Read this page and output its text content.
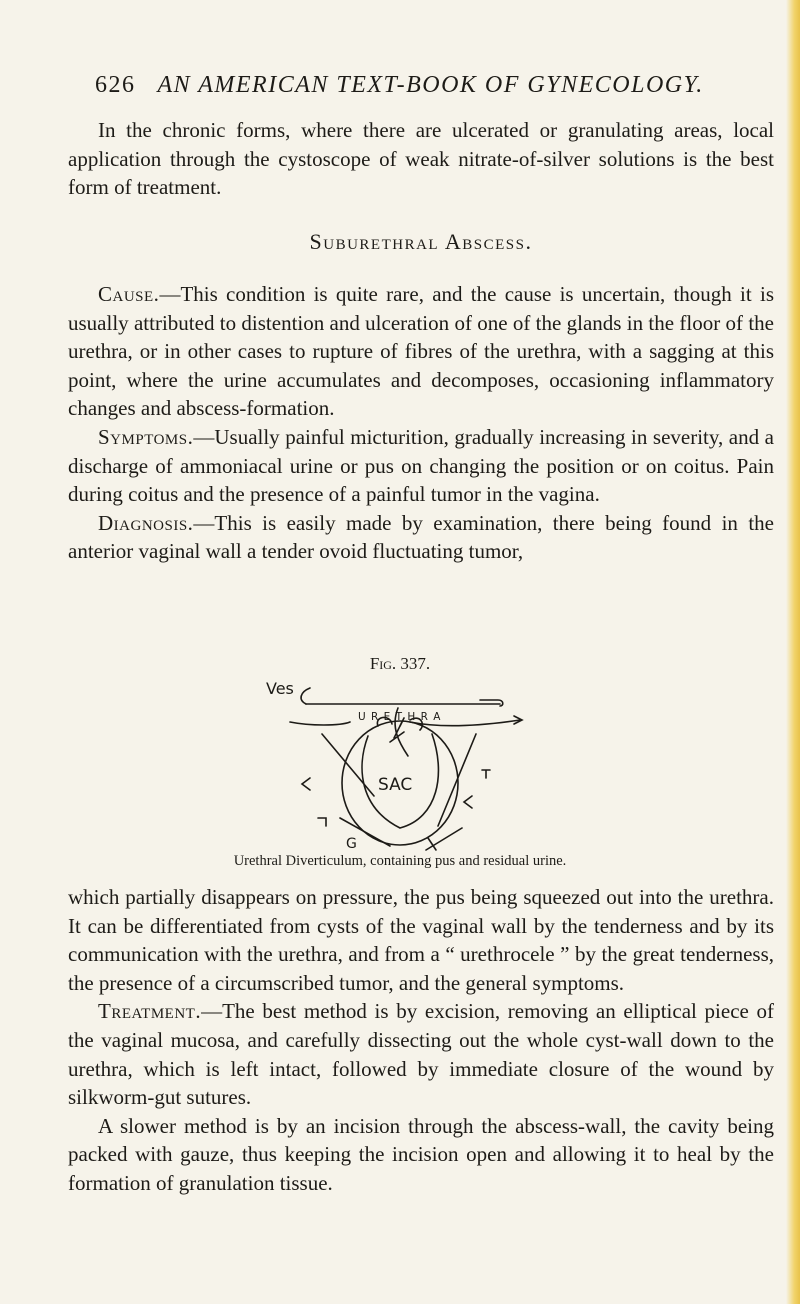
626 AN AMERICAN TEXT-BOOK OF GYNECOLOGY.

In the chronic forms, where there are ulcerated or granulating areas, local application through the cystoscope of weak nitrate-of-silver solutions is the best form of treatment.

Suburethral Abscess.

Cause.—This condition is quite rare, and the cause is uncertain, though it is usually attributed to distention and ulceration of one of the glands in the floor of the urethra, or in other cases to rupture of fibres of the urethra, with a sagging at this point, where the urine accumulates and decomposes, occasioning inflammatory changes and abscess-formation.

Symptoms.—Usually painful micturition, gradually increasing in severity, and a discharge of ammoniacal urine or pus on changing the position or on coitus. Pain during coitus and the presence of a painful tumor in the vagina.

Diagnosis.—This is easily made by examination, there being found in the anterior vaginal wall a tender ovoid fluctuating tumor,

Fig. 337.
Ves
U R E T H R A
SAC
G
Urethral Diverticulum, containing pus and residual urine.

which partially disappears on pressure, the pus being squeezed out into the urethra. It can be differentiated from cysts of the vaginal wall by the tenderness and by its communication with the urethra, and from a “ urethrocele ” by the great tenderness, the presence of a circumscribed tumor, and the general symptoms.

Treatment.—The best method is by excision, removing an elliptical piece of the vaginal mucosa, and carefully dissecting out the whole cyst-wall down to the urethra, which is left intact, followed by immediate closure of the wound by silkworm-gut sutures.

A slower method is by an incision through the abscess-wall, the cavity being packed with gauze, thus keeping the incision open and allowing it to heal by the formation of granulation tissue.
